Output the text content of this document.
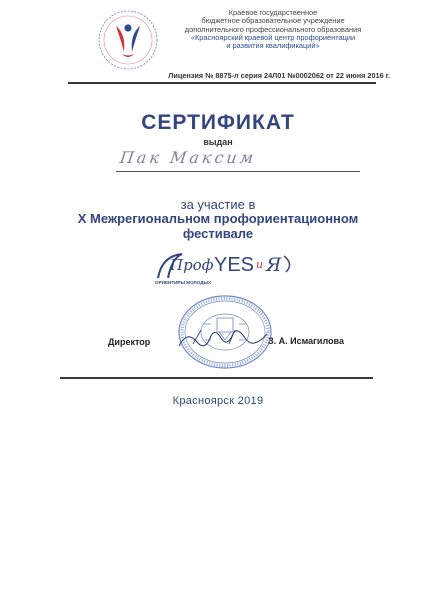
Краевое государственное
бюджетное образовательное учреждение
дополнительного профессионального образования
«Красноярский краевой центр профориентации
и развития квалификаций»
Лицензия № 8875-л серия 24Л01 №0002062 от 22 июня 2016 г.
СЕРТИФИКАТ
выдан
Пак Максим
за участие в
X Межрегиональном профориентационном
фестивале
Проф YES и Я
ОРИЕНТИРЫ МОЛОДЫХ
Директор	З. А. Исмагилова
Красноярск 2019
